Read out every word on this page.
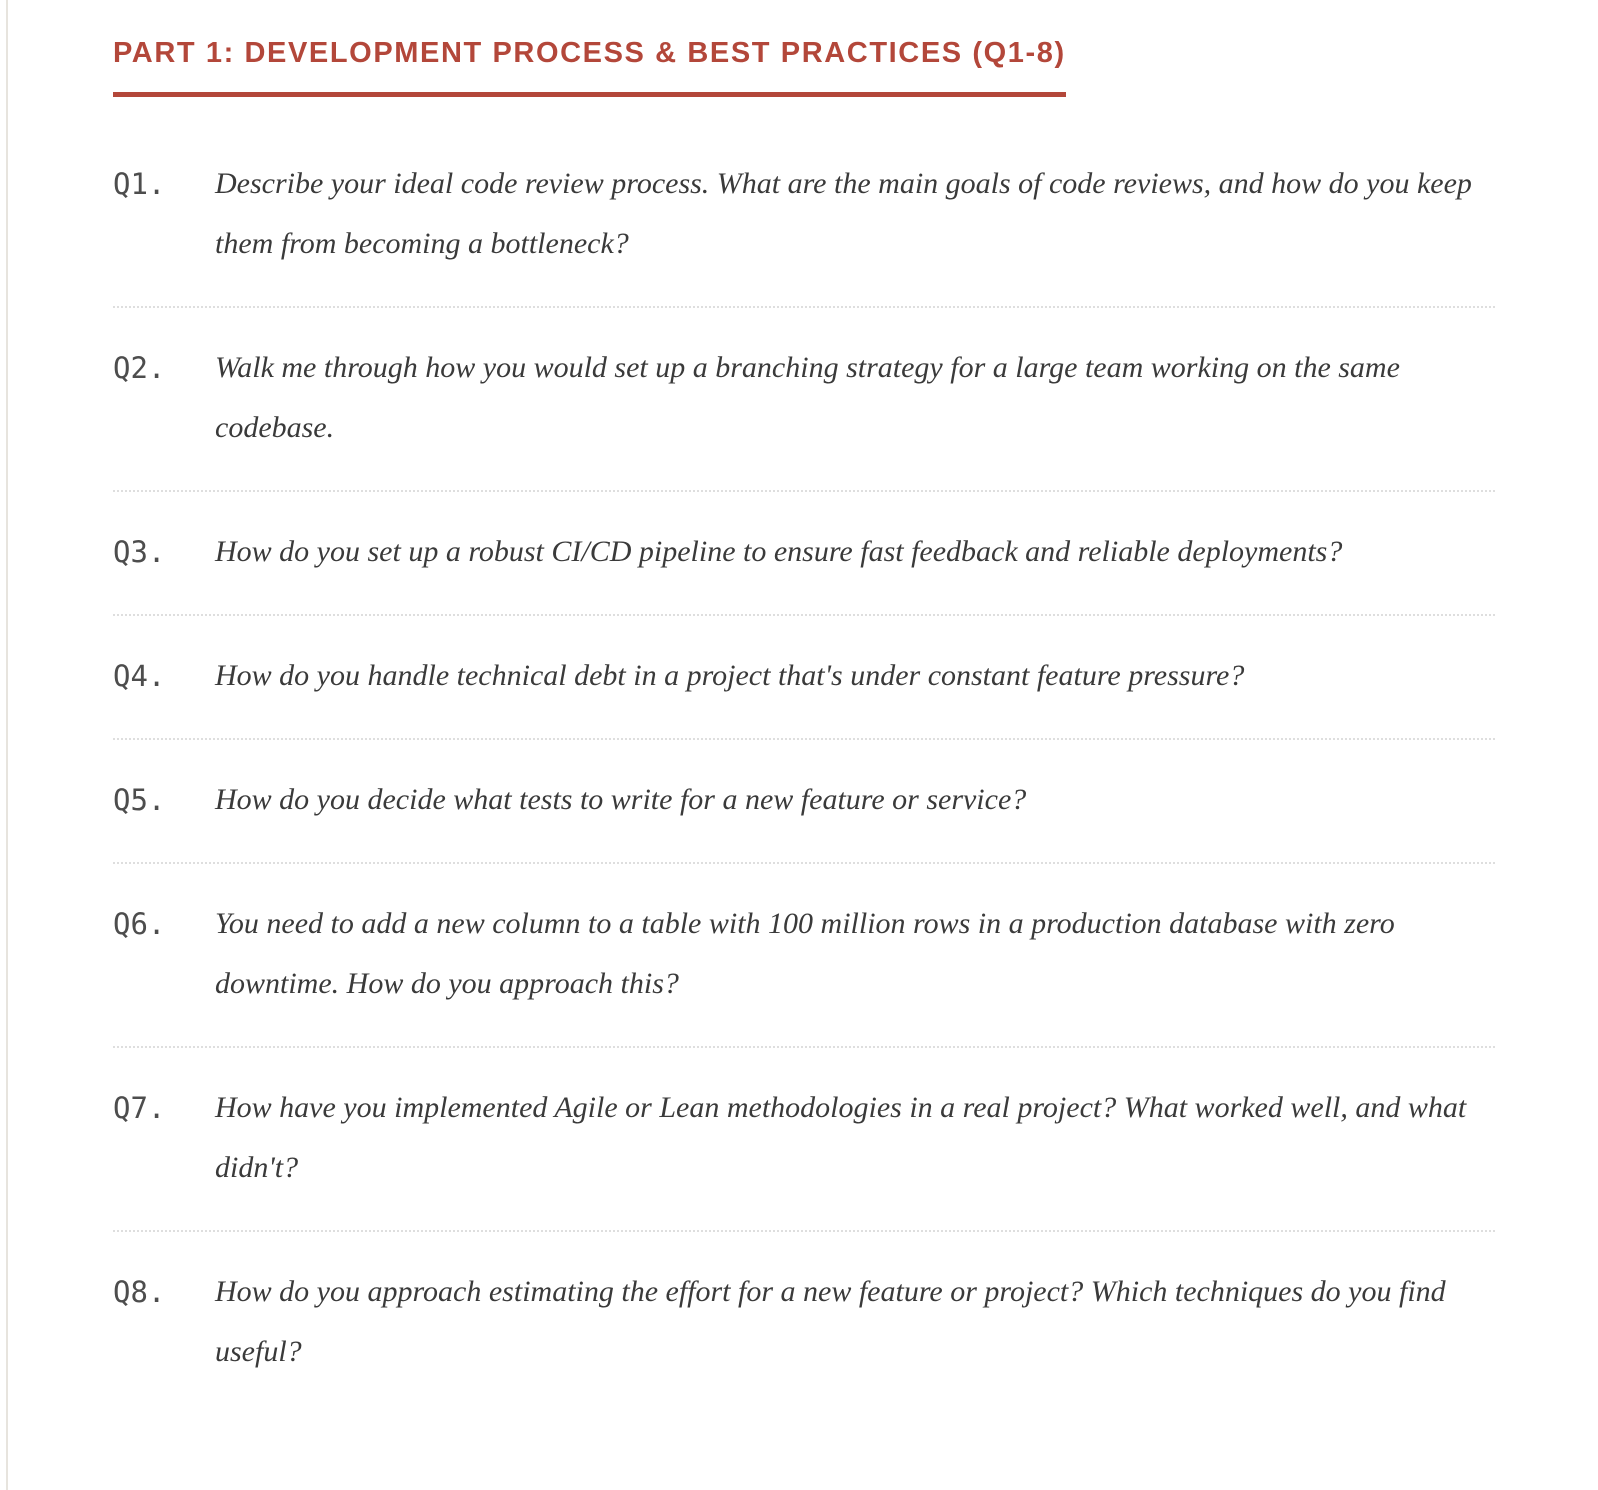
PART 1: DEVELOPMENT PROCESS & BEST PRACTICES (Q1-8)
Q1.	Describe your ideal code review process. What are the main goals of code reviews, and how do you keep them from becoming a bottleneck?
Q2.	Walk me through how you would set up a branching strategy for a large team working on the same codebase.
Q3.	How do you set up a robust CI/CD pipeline to ensure fast feedback and reliable deployments?
Q4.	How do you handle technical debt in a project that's under constant feature pressure?
Q5.	How do you decide what tests to write for a new feature or service?
Q6.	You need to add a new column to a table with 100 million rows in a production database with zero downtime. How do you approach this?
Q7.	How have you implemented Agile or Lean methodologies in a real project? What worked well, and what didn't?
Q8.	How do you approach estimating the effort for a new feature or project? Which techniques do you find useful?
